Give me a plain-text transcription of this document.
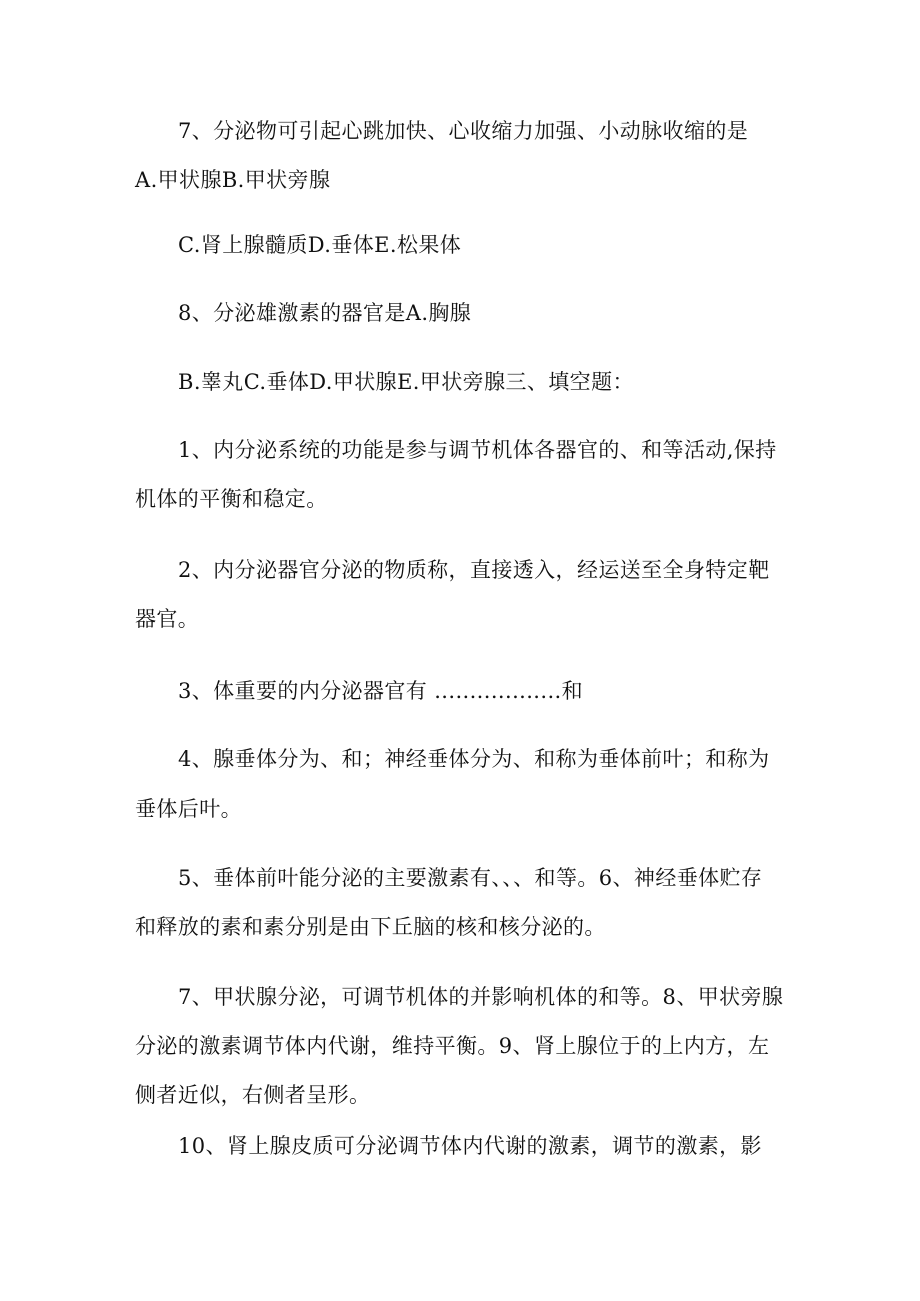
7、分泌物可引起心跳加快、心收缩力加强、小动脉收缩的是
A.甲状腺B.甲状旁腺
C.肾上腺髓质D.垂体E.松果体
8、分泌雄激素的器官是A.胸腺
B.睾丸C.垂体D.甲状腺E.甲状旁腺三、填空题：
1、内分泌系统的功能是参与调节机体各器官的、和等活动,保持
机体的平衡和稳定。
2、内分泌器官分泌的物质称，直接透入，经运送至全身特定靶
器官。
3、体重要的内分泌器官有 ..................和
4、腺垂体分为、和；神经垂体分为、和称为垂体前叶；和称为
垂体后叶。
5、垂体前叶能分泌的主要激素有、、、和等。6、神经垂体贮存
和释放的素和素分别是由下丘脑的核和核分泌的。
7、甲状腺分泌，可调节机体的并影响机体的和等。8、甲状旁腺
分泌的激素调节体内代谢，维持平衡。9、肾上腺位于的上内方，左
侧者近似，右侧者呈形。
10、肾上腺皮质可分泌调节体内代谢的激素，调节的激素，影
